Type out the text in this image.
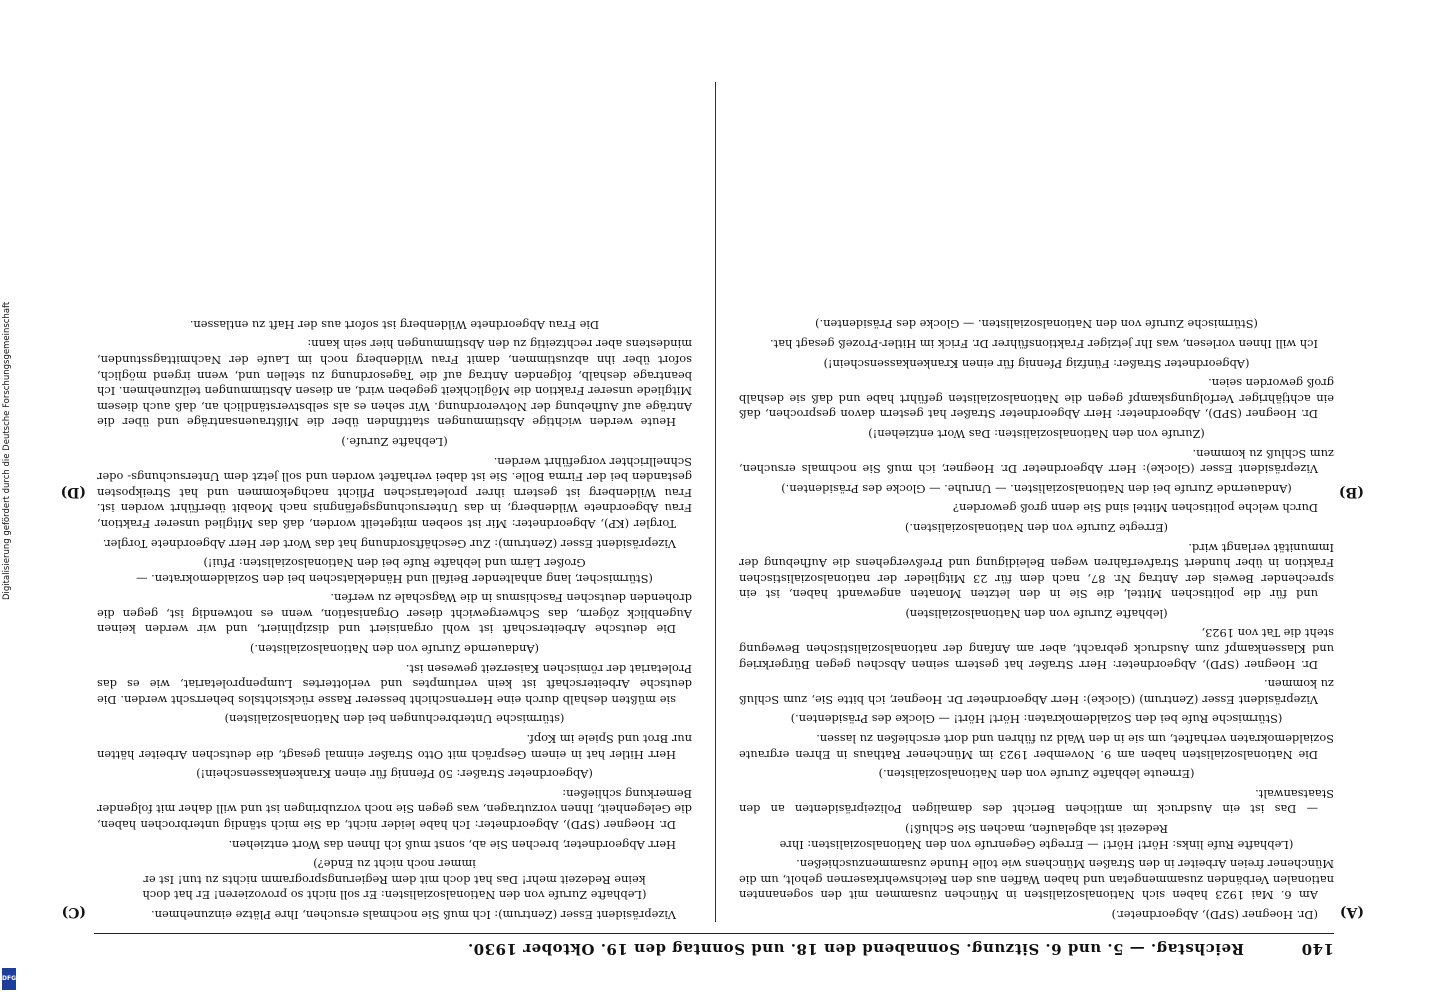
140
Reichstag. — 5. und 6. Sitzung. Sonnabend den 18. und Sonntag den 19. Oktober 1930.
(A)
(B)
(C)
(D)

(Dr. Hoegner (SPD), Abgeordneter.)

Am 6. Mai 1923 haben sich Nationalsozialisten in München zusammen mit den sogenannten nationalen Verbänden zusammengetan und haben Waffen aus den Reichswehrkasernen geholt, um die Münchener freien Arbeiter in den Straßen Münchens wie tolle Hunde zusammenzuschießen.

(Lebhafte Rufe links: Hört! Hört! — Erregte Gegenrufe von den Nationalsozialisten: Ihre Redezeit ist abgelaufen, machen Sie Schluß!)

— Das ist ein Ausdruck im amtlichen Bericht des damaligen Polizeipräsidenten an den Staatsanwalt.

(Erneute lebhafte Zurufe von den Nationalsozialisten.)

Die Nationalsozialisten haben am 9. November 1923 im Münchener Rathaus in Ehren ergraute Sozialdemokraten verhaftet, um sie in den Wald zu führen und dort erschießen zu lassen.

(Stürmische Rufe bei den Sozialdemokraten: Hört! Hört! — Glocke des Präsidenten.)

Vizepräsident Esser (Zentrum) (Glocke): Herr Abgeordneter Dr. Hoegner, ich bitte Sie, zum Schluß zu kommen.

Dr. Hoegner (SPD), Abgeordneter: Herr Straßer hat gestern seinen Abscheu gegen Bürgerkrieg und Klassenkampf zum Ausdruck gebracht, aber am Anfang der nationalsozialistischen Bewegung steht die Tat von 1923,

(lebhafte Zurufe von den Nationalsozialisten)

und für die politischen Mittel, die Sie in den letzten Monaten angewandt haben, ist ein sprechender Beweis der Antrag Nr. 87, nach dem für 23 Mitglieder der nationalsozialistischen Fraktion in über hundert Strafverfahren wegen Beleidigung und Preßvergehens die Aufhebung der Immunität verlangt wird.

(Erregte Zurufe von den Nationalsozialisten.)

Durch welche politischen Mittel sind Sie denn groß geworden?

(Andauernde Zurufe bei den Nationalsozialisten. — Unruhe. — Glocke des Präsidenten.)

Vizepräsident Esser (Glocke): Herr Abgeordneter Dr. Hoegner, ich muß Sie nochmals ersuchen, zum Schluß zu kommen.

(Zurufe von den Nationalsozialisten: Das Wort entziehen!)

Dr. Hoegner (SPD), Abgeordneter: Herr Abgeordneter Straßer hat gestern davon gesprochen, daß ein achtjähriger Verfolgungskampf gegen die Nationalsozialisten geführt habe und daß sie deshalb groß geworden seien.

(Abgeordneter Straßer: Fünfzig Pfennig für einen Krankenkassenschein!)

Ich will Ihnen vorlesen, was Ihr jetziger Fraktionsführer Dr. Frick im Hitler-Prozeß gesagt hat.

(Stürmische Zurufe von den Nationalsozialisten. — Glocke des Präsidenten.)

Vizepräsident Esser (Zentrum): Ich muß Sie nochmals ersuchen, Ihre Plätze einzunehmen.

(Lebhafte Zurufe von den Nationalsozialisten: Er soll nicht so provozieren! Er hat doch keine Redezeit mehr! Das hat doch mit dem Regierungsprogramm nichts zu tun! Ist er immer noch nicht zu Ende?)

Herr Abgeordneter, brechen Sie ab, sonst muß ich Ihnen das Wort entziehen.

Dr. Hoegner (SPD), Abgeordneter: Ich habe leider nicht, da Sie mich ständig unterbrochen haben, die Gelegenheit, Ihnen vorzutragen, was gegen Sie noch vorzubringen ist und will daher mit folgender Bemerkung schließen:

(Abgeordneter Straßer: 50 Pfennig für einen Krankenkassenschein!)

Herr Hitler hat in einem Gespräch mit Otto Straßer einmal gesagt, die deutschen Arbeiter hätten nur Brot und Spiele im Kopf.

(stürmische Unterbrechungen bei den Nationalsozialisten)

sie müßten deshalb durch eine Herrenschicht besserer Rasse rücksichtslos beherrscht werden. Die deutsche Arbeiterschaft ist kein verlumptes und verlottertes Lumpenproletariat, wie es das Proletariat der römischen Kaiserzeit gewesen ist.

(Andauernde Zurufe von den Nationalsozialisten.)

Die deutsche Arbeiterschaft ist wohl organisiert und diszipliniert, und wir werden keinen Augenblick zögern, das Schwergewicht dieser Organisation, wenn es notwendig ist, gegen die drohenden deutschen Faschismus in die Wagschale zu werfen.

(Stürmischer, lang anhaltender Beifall und Händeklatschen bei den Sozialdemokraten. — Großer Lärm und lebhafte Rufe bei den Nationalsozialisten: Pfui!)

Vizepräsident Esser (Zentrum): Zur Geschäftsordnung hat das Wort der Herr Abgeordnete Torgler.

Torgler (KP), Abgeordneter: Mir ist soeben mitgeteilt worden, daß das Mitglied unserer Fraktion, Frau Abgeordnete Wildenberg, in das Untersuchungsgefängnis nach Moabit überführt worden ist. Frau Wildenberg ist gestern ihrer proletarischen Pflicht nachgekommen und hat Streikposten gestanden bei der Firma Bolle. Sie ist dabei verhaftet worden und soll jetzt dem Untersuchungs- oder Schnellrichter vorgeführt werden.

(Lebhafte Zurufe.)

Heute werden wichtige Abstimmungen stattfinden über die Mißtrauensanträge und über die Anträge auf Aufhebung der Notverordnung. Wir sehen es als selbstverständlich an, daß auch diesem Mitgliede unserer Fraktion die Möglichkeit gegeben wird, an diesen Abstimmungen teilzunehmen. Ich beantrage deshalb, folgenden Antrag auf die Tagesordnung zu stellen und, wenn irgend möglich, sofort über ihn abzustimmen, damit Frau Wildenberg noch im Laufe der Nachmittagsstunden, mindestens aber rechtzeitig zu den Abstimmungen hier sein kann:

Die Frau Abgeordnete Wildenberg ist sofort aus der Haft zu entlassen.

Digitalisierung gefördert durch die Deutsche Forschungsgemeinschaft
DFG
